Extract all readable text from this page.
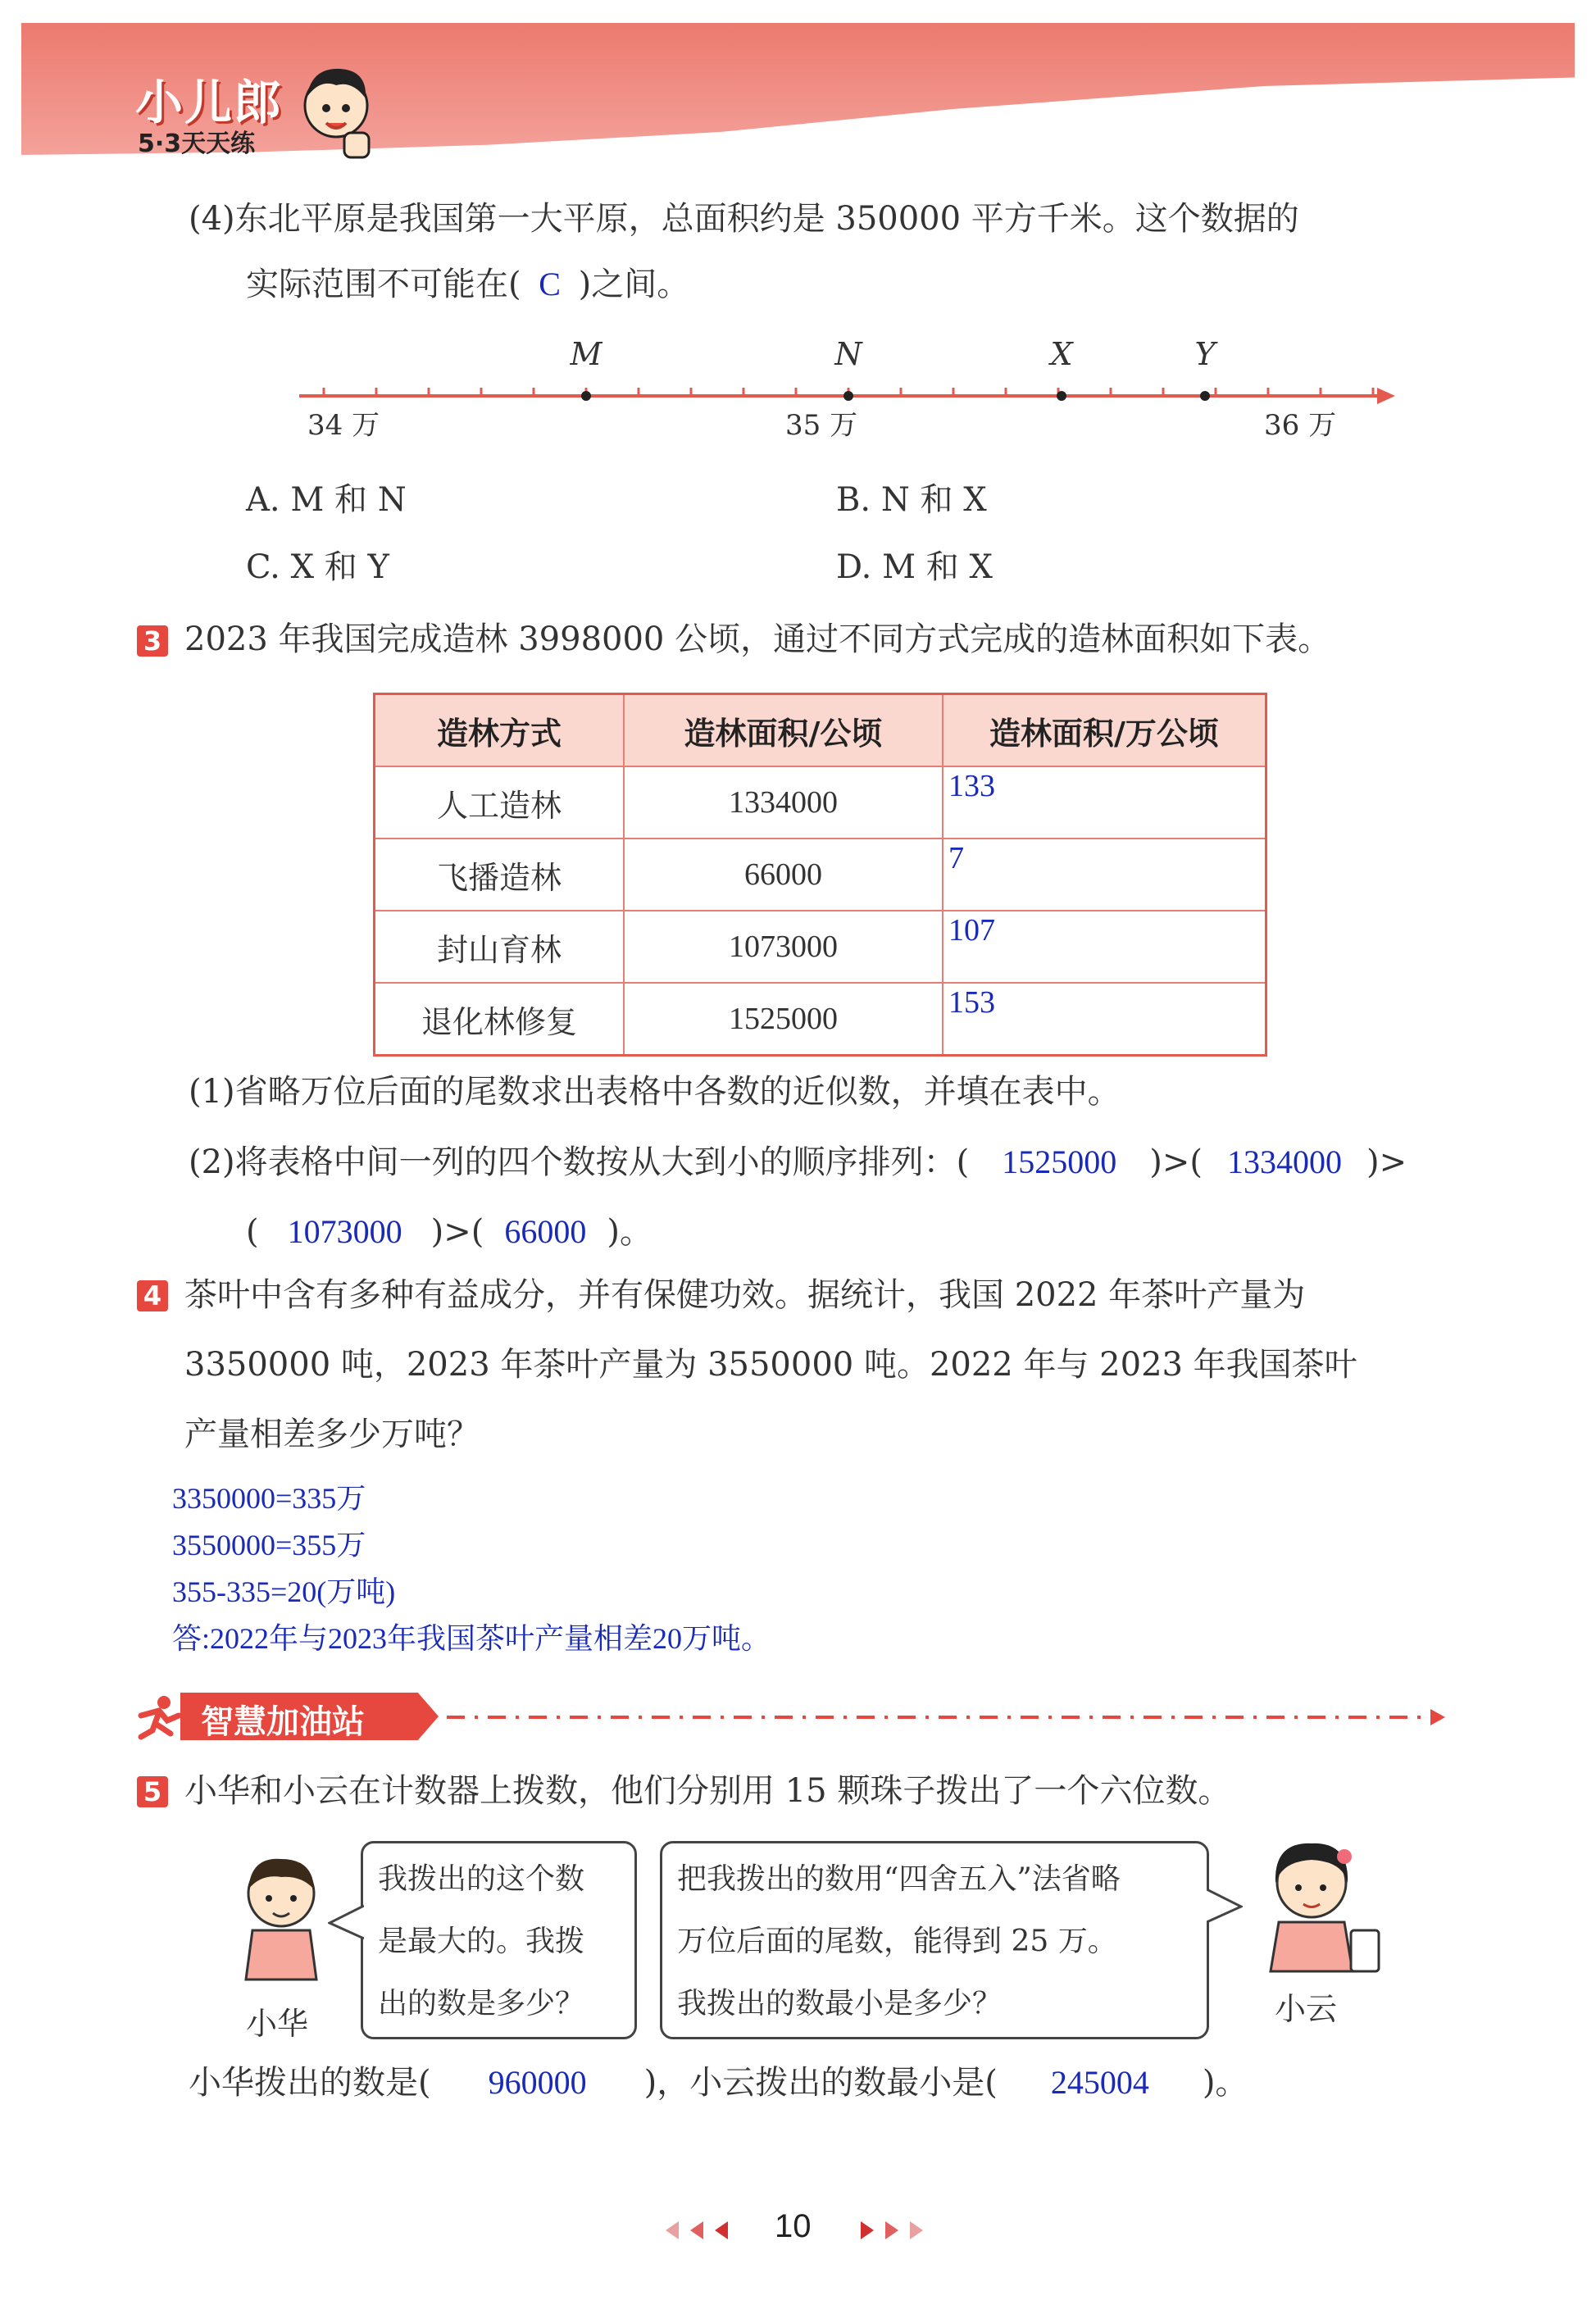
小儿郎
5·3天天练
(4)东北平原是我国第一大平原，总面积约是 350000 平方千米。这个数据的
实际范围不可能在( C )之间。
M	N	X	Y
34 万	35 万	36 万
A. M 和 N	B. N 和 X
C. X 和 Y	D. M 和 X
3 2023 年我国完成造林 3998000 公顷，通过不同方式完成的造林面积如下表。
造林方式	造林面积/公顷	造林面积/万公顷
人工造林	1334000	133
飞播造林	66000	7
封山育林	1073000	107
退化林修复	1525000	153
(1)省略万位后面的尾数求出表格中各数的近似数，并填在表中。
(2)将表格中间一列的四个数按从大到小的顺序排列：( 1525000 )>( 1334000 )>
( 1073000 )>( 66000 )。
4 茶叶中含有多种有益成分，并有保健功效。据统计，我国 2022 年茶叶产量为
3350000 吨，2023 年茶叶产量为 3550000 吨。2022 年与 2023 年我国茶叶
产量相差多少万吨？
3350000=335万
3550000=355万
355-335=20(万吨)
答:2022年与2023年我国茶叶产量相差20万吨。
智慧加油站
5 小华和小云在计数器上拨数，他们分别用 15 颗珠子拨出了一个六位数。
小华
我拨出的这个数
是最大的。我拨
出的数是多少？
把我拨出的数用“四舍五入”法省略
万位后面的尾数，能得到 25 万。
我拨出的数最小是多少？	小云
小华拨出的数是( 960000 )，小云拨出的数最小是( 245004 )。
10
